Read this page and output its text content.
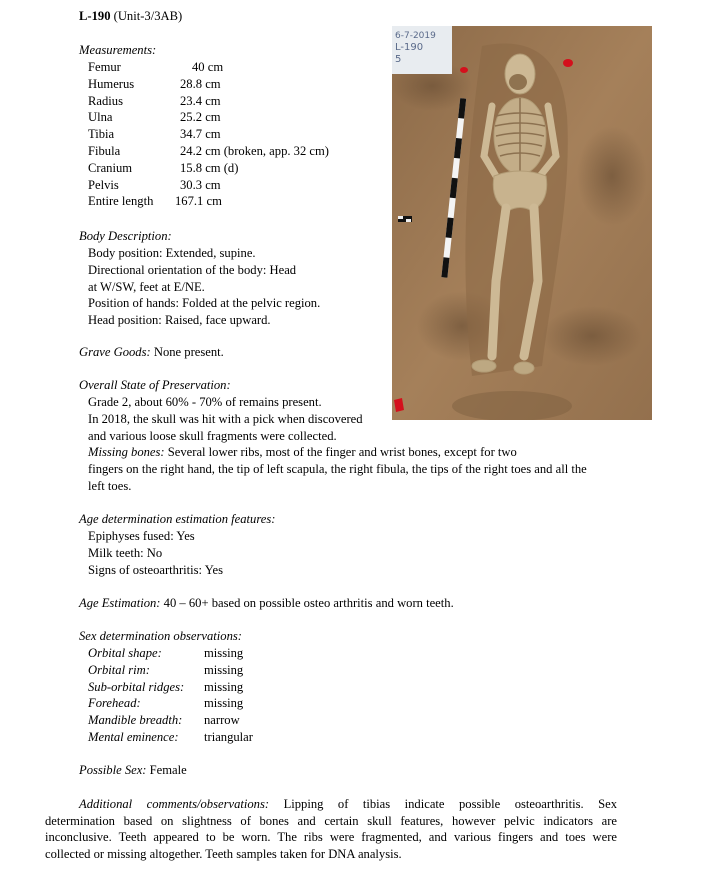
L-190 (Unit-3/3AB)
Measurements:
Femur	40 cm
Humerus	28.8 cm
Radius	23.4 cm
Ulna	25.2 cm
Tibia	34.7 cm
Fibula	24.2 cm (broken, app. 32 cm)
Cranium	15.8 cm (d)
Pelvis	30.3 cm
Entire length 167.1 cm
Body Description:
Body position: Extended, supine.
Directional orientation of the body: Head
at W/SW, feet at E/NE.
Position of hands: Folded at the pelvic region.
Head position: Raised, face upward.
Grave Goods: None present.
Overall State of Preservation:
Grade 2, about 60% - 70% of remains present.
In 2018, the skull was hit with a pick when discovered
and various loose skull fragments were collected.
Missing bones: Several lower ribs, most of the finger and wrist bones, except for two
fingers on the right hand, the tip of left scapula, the right fibula, the tips of the right toes and all the
left toes.
Age determination estimation features:
Epiphyses fused: Yes
Milk teeth: No
Signs of osteoarthritis: Yes
Age Estimation: 40 – 60+ based on possible osteo arthritis and worn teeth.
Sex determination observations:
Orbital shape:	missing
Orbital rim:	missing
Sub-orbital ridges: missing
Forehead:	missing
Mandible breadth: narrow
Mental eminence: triangular
Possible Sex: Female
Additional comments/observations: Lipping of tibias indicate possible osteoarthritis. Sex
determination based on slightness of bones and certain skull features, however pelvic indicators are
inconclusive. Teeth appeared to be worn. The ribs were fragmented, and various fingers and toes were
collected or missing altogether. Teeth samples taken for DNA analysis.
6-7-2019
L-190
5
